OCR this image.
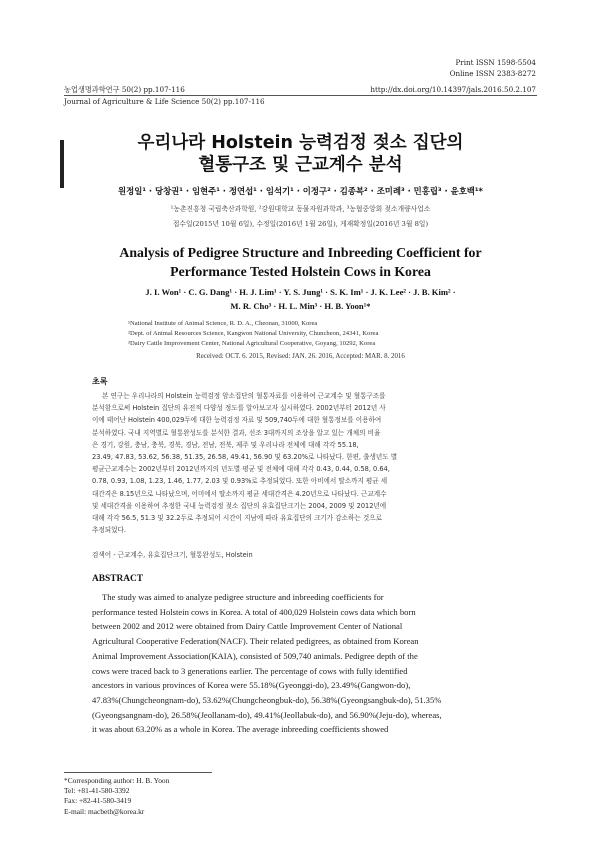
Print ISSN 1598-5504
Online ISSN 2383-8272
농업생명과학연구 50(2) pp.107-116	http://dx.doi.org/10.14397/jals.2016.50.2.107
Journal of Agriculture & Life Science 50(2) pp.107-116
우리나라 Holstein 능력검정 젖소 집단의
혈통구조 및 근교계수 분석
원정일¹ · 당창권¹ · 임현주¹ · 정연섭¹ · 임석기¹ · 이정구² · 김종복² · 조미례³ · 민홍립³ · 윤호백¹*
¹농촌진흥청 국립축산과학원, ²강원대학교 동물자원과학과, ³농협중앙회 젖소개량사업소
접수일(2015년 10월 6일), 수정일(2016년 1월 26일), 게재확정일(2016년 3월 8일)
Analysis of Pedigree Structure and Inbreeding Coefficient for
Performance Tested Holstein Cows in Korea
J. I. Won¹ · C. G. Dang¹ · H. J. Lim¹ · Y. S. Jung¹ · S. K. Im¹ · J. K. Lee² · J. B. Kim² ·
M. R. Cho³ · H. L. Min³ · H. B. Yoon¹*
¹National Institute of Animal Science, R. D. A., Cheonan, 31000, Korea
²Dept. of Animal Resources Science, Kangwon National University, Chuncheon, 24341, Korea
³Dairy Cattle Improvement Center, National Agricultural Cooperative, Goyang, 10292, Korea
Received: OCT. 6. 2015, Revised: JAN. 26. 2016, Accepted: MAR. 8. 2016
초록
본 연구는 우리나라의 Holstein 능력검정 암소집단의 혈통자료를 이용하여 근교계수 및 혈통구조를
분석함으로써 Holstein 집단의 유전적 다양성 정도를 알아보고자 실시하였다. 2002년부터 2012년 사
이에 태어난 Holstein 400,029두에 대한 능력검정 자료 및 509,740두에 대한 혈통정보를 이용하여
분석하였다. 국내 지역별로 혈통완성도를 분석한 결과, 선조 3대까지의 조상을 알고 있는 개체의 비율
은 경기, 강원, 충남, 충북, 경북, 경남, 전남, 전북, 제주 및 우리나라 전체에 대해 각각 55.18,
23.49, 47.83, 53.62, 56.38, 51.35, 26.58, 49.41, 56.90 및 63.20%로 나타났다. 한편, 출생년도 별
평균근교계수는 2002년부터 2012년까지의 년도별 평균 및 전체에 대해 각각 0.43, 0.44, 0.58, 0.64,
0.78, 0.93, 1.08, 1.23, 1.46, 1.77, 2.03 및 0.93%로 추정되었다. 또한 아비에서 딸소까지 평균 세
대간격은 8.15년으로 나타났으며, 어미에서 딸소까지 평균 세대간격은 4.20년으로 나타났다. 근교계수
및 세대간격을 이용하여 추정한 국내 능력검정 젖소 집단의 유효집단크기는 2004, 2009 및 2012년에
대해 각각 56.5, 51.3 및 32.2두로 추정되어 시간이 지남에 따라 유효집단의 크기가 감소하는 것으로
추정되었다.
검색어 - 근교계수, 유효집단크기, 혈통완성도, Holstein
ABSTRACT
The study was aimed to analyze pedigree structure and inbreeding coefficients for
performance tested Holstein cows in Korea. A total of 400,029 Holstein cows data which born
between 2002 and 2012 were obtained from Dairy Cattle Improvement Center of National
Agricultural Cooperative Federation(NACF). Their related pedigrees, as obtained from Korean
Animal Improvement Association(KAIA), consisted of 509,740 animals. Pedigree depth of the
cows were traced back to 3 generations earlier. The percentage of cows with fully identified
ancestors in various provinces of Korea were 55.18%(Gyeonggi-do), 23.49%(Gangwon-do),
47.83%(Chungcheongnam-do), 53.62%(Chungcheongbuk-do), 56.38%(Gyeongsangbuk-do), 51.35%
(Gyeongsangnam-do), 26.58%(Jeollanam-do), 49.41%(Jeollabuk-do), and 56.90%(Jeju-do), whereas,
it was about 63.20% as a whole in Korea. The average inbreeding coefficients showed
*Corresponding author: H. B. Yoon
Tel: +81-41-580-3392
Fax: +82-41-580-3419
E-mail: macbeth@korea.kr
